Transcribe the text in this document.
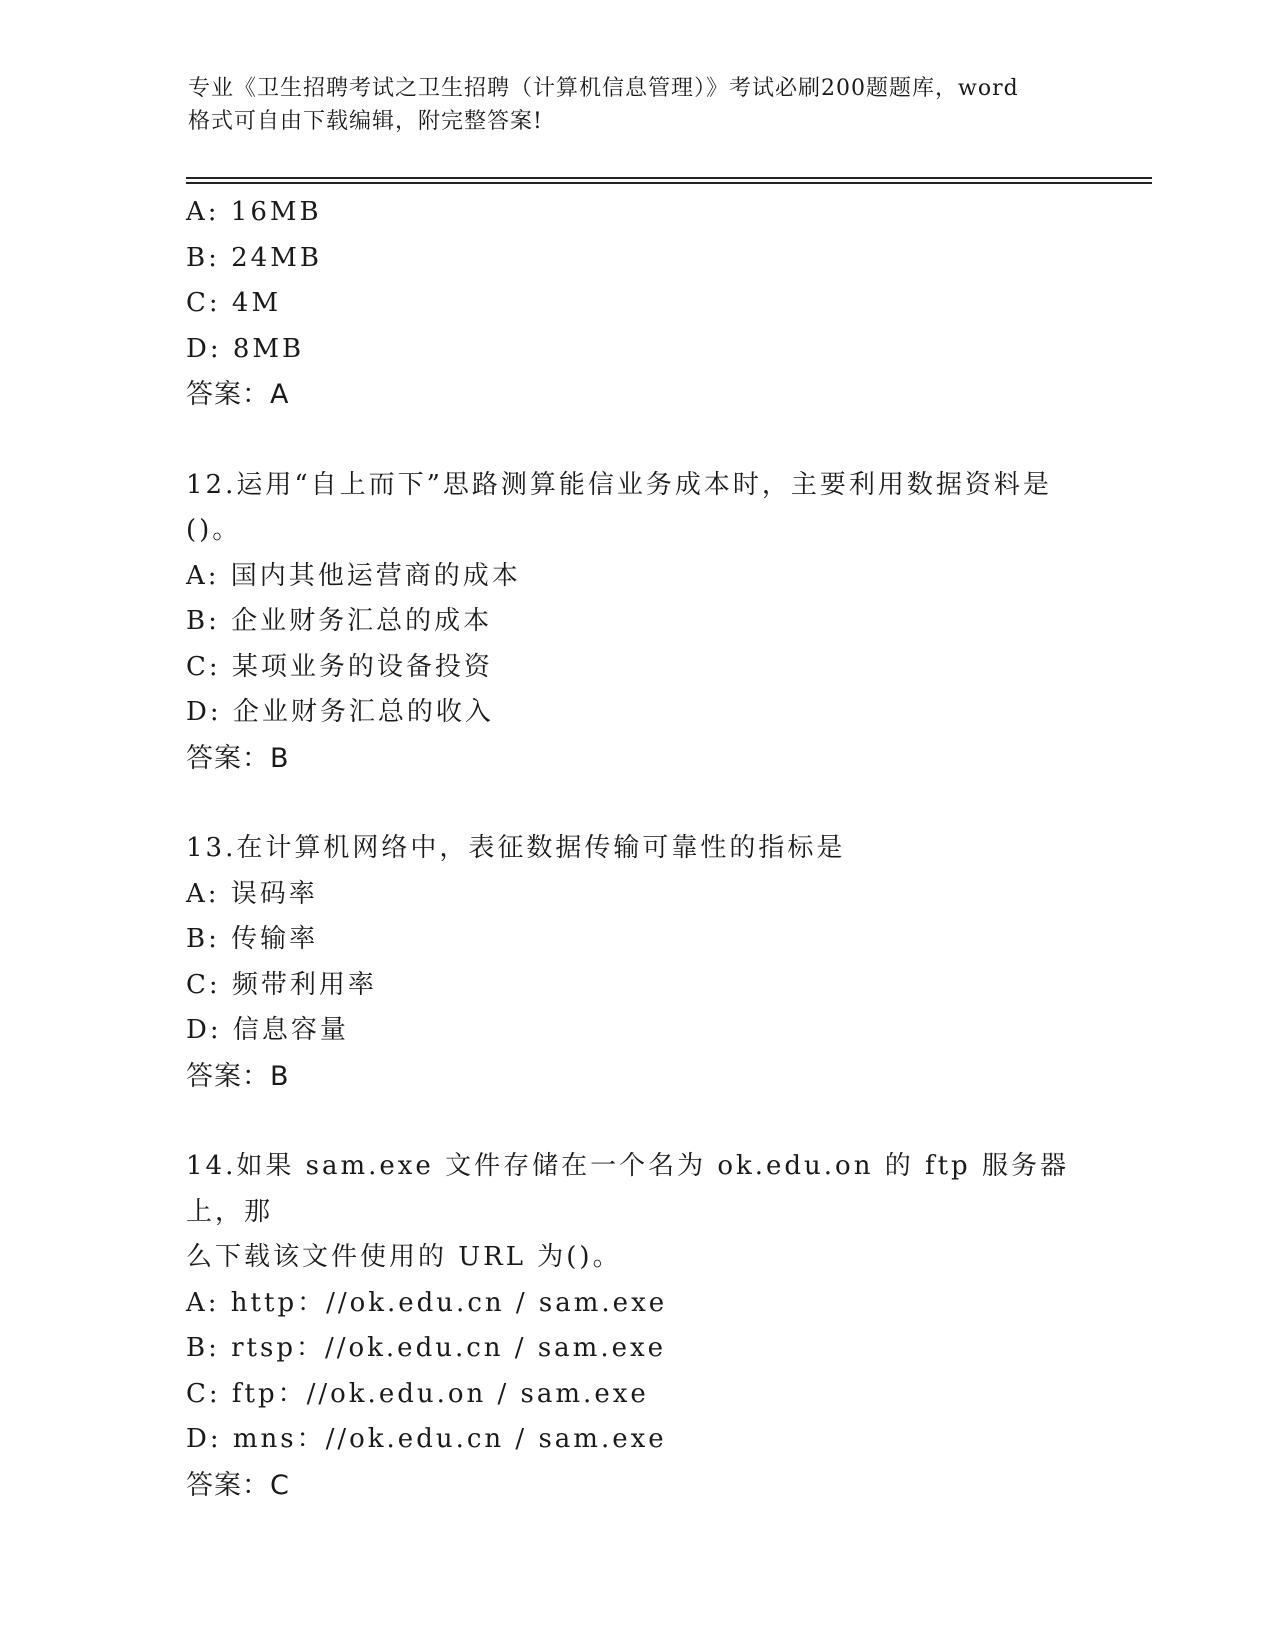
专业《卫生招聘考试之卫生招聘（计算机信息管理）》考试必刷200题题库，word
格式可自由下载编辑，附完整答案!
A: 16MB
B: 24MB
C: 4M
D: 8MB
答案：A
12.运用“自上而下”思路测算能信业务成本时，主要利用数据资料是
()。
A: 国内其他运营商的成本
B: 企业财务汇总的成本
C: 某项业务的设备投资
D: 企业财务汇总的收入
答案：B
13.在计算机网络中，表征数据传输可靠性的指标是
A: 误码率
B: 传输率
C: 频带利用率
D: 信息容量
答案：B
14.如果 sam.exe 文件存储在一个名为 ok.edu.on 的 ftp 服务器上，那
么下载该文件使用的 URL 为()。
A: http：//ok.edu.cn / sam.exe
B: rtsp：//ok.edu.cn / sam.exe
C: ftp：//ok.edu.on / sam.exe
D: mns：//ok.edu.cn / sam.exe
答案：C
